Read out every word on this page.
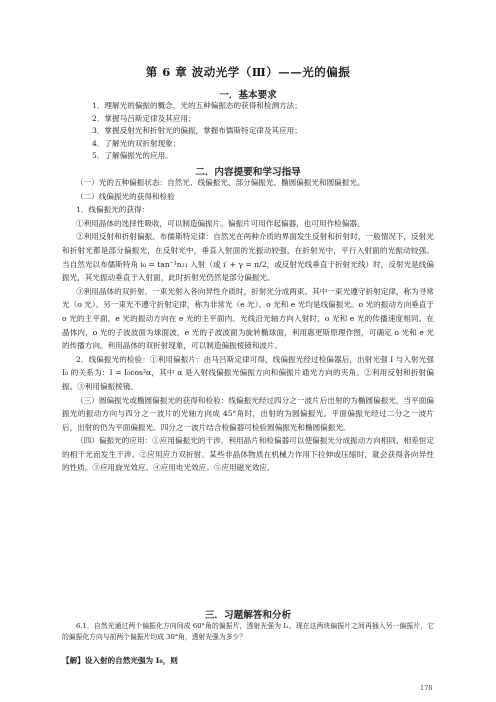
第 6 章 波动光学（Ⅲ）——光的偏振
一．基本要求
1．理解光的偏振的概念，光的五种偏振态的获得和检测方法；
2．掌握马吕斯定律及其应用；
3．掌握反射光和折射光的偏振，掌握布儒斯特定律及其应用；
4．了解光的双折射现象；
5．了解偏振光的应用。
二．内容提要和学习指导

（一）光的五种偏振状态：自然光、线偏振光、部分偏振光、椭圆偏振光和圆偏振光。

（二）线偏振光的获得和检验

1．线偏振光的获得：

①利用晶体的选择性吸收，可以制造偏振片。偏振片可用作起偏器，也可用作检偏器。

②利用反射和折射偏振。布儒斯特定律：自然光在两种介质的界面发生反射和折射时，一般情况下，反射光和折射光都是部分偏振光，在反射光中，垂直入射面的光振动较强，在折射光中，平行入射面的光振动较强。当自然光以布儒斯特角 i₀ = tan⁻¹n₂₁ 入射（或 i′ + γ = π/2，或反射光线垂直于折射光线）时，反射光是线偏振光，其光振动垂直于入射面，此时折射光仍然是部分偏振光。

③利用晶体的双折射。一束光射入各向异性介质时，折射光分成两束。其中一束光遵守折射定律，称为寻常光（o 光）。另一束光不遵守折射定律，称为非常光（e 光）。o 光和 e 光均是线偏振光。o 光的振动方向垂直于 o 光的主平面，e 光的振动方向在 e 光的主平面内。光线沿光轴方向入射时，o 光和 e 光的传播速度相同。在晶体内，o 光的子波波面为球面波，e 光的子波波面为旋转椭球面，利用惠更斯原理作图，可确定 o 光和 e 光的传播方向。利用晶体的双折射现象，可以制造偏振棱镜和波片。

2．线偏振光的检验：①利用偏振片：由马吕斯定律可得，线偏振光经过检偏器后，出射光强 I 与入射光强 I₀ 的关系为：I = I₀cos²α，其中 α 是入射线偏振光偏振方向和偏振片通光方向的夹角。②利用反射和折射偏振。③利用偏振棱镜。

（三）圆偏振光或椭圆偏振光的获得和检验：线偏振光经过四分之一波片后出射的为椭圆偏振光，当平面偏振光的振动方向与四分之一波片的光轴方向成 45°角时，出射的为圆偏振光。平面偏振光经过二分之一波片后，出射的仍为平面偏振光。四分之一波片结合检偏器可检验圆偏振光和椭圆偏振光。

（四）偏振光的应用：①应用偏振光的干涉。利用晶片和检偏器可以使偏振光分成振动方向相同、相差恒定的相干光而发生干涉。②应用应力双折射。某些非晶体物质在机械力作用下拉伸或压缩时，就会获得各向异性的性质。③应用旋光效应。④应用电光效应。⑤应用磁光效应。

三．习题解答和分析

6.1．自然光通过两个偏振化方向间成 60°角的偏振片，透射光强为 I₁。现在这两块偏振片之间再插入另一偏振片，它的偏振化方向与前两个偏振片均成 30°角，透射光强为多少？

【解】设入射的自然光强为 I₀，则
178
